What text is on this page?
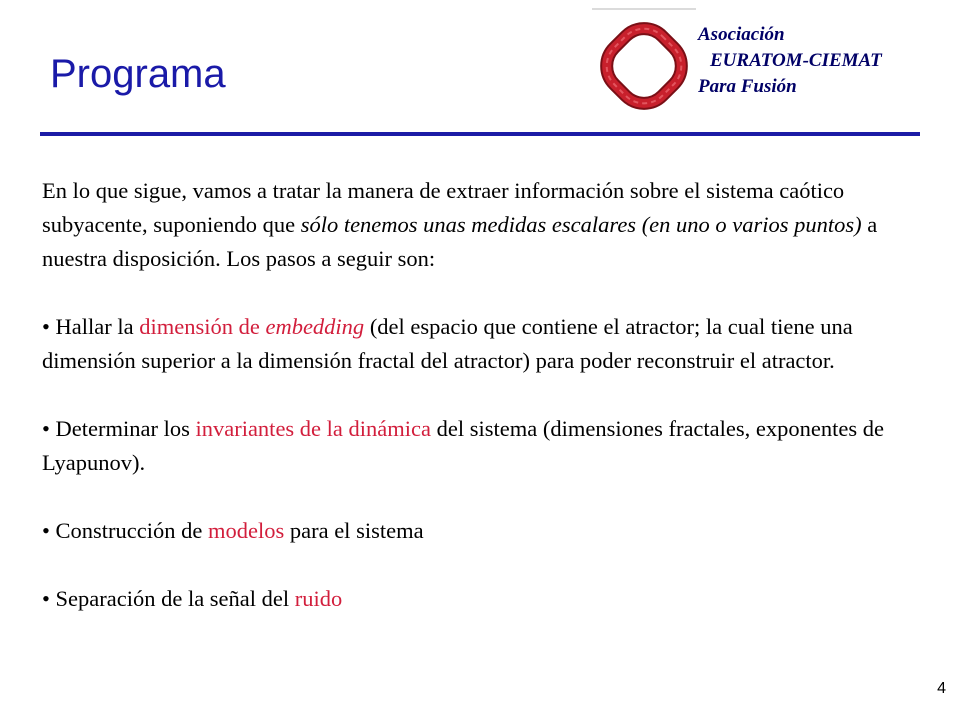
Programa
Asociación
EURATOM-CIEMAT
Para Fusión

En lo que sigue, vamos a tratar la manera de extraer información sobre el sistema caótico subyacente, suponiendo que sólo tenemos unas medidas escalares (en uno o varios puntos) a nuestra disposición. Los pasos a seguir son:

• Hallar la dimensión de embedding (del espacio que contiene el atractor; la cual tiene una dimensión superior a la dimensión fractal del atractor) para poder reconstruir el atractor.

• Determinar los invariantes de la dinámica del sistema (dimensiones fractales, exponentes de Lyapunov).

• Construcción de modelos para el sistema

• Separación de la señal del ruido

4
